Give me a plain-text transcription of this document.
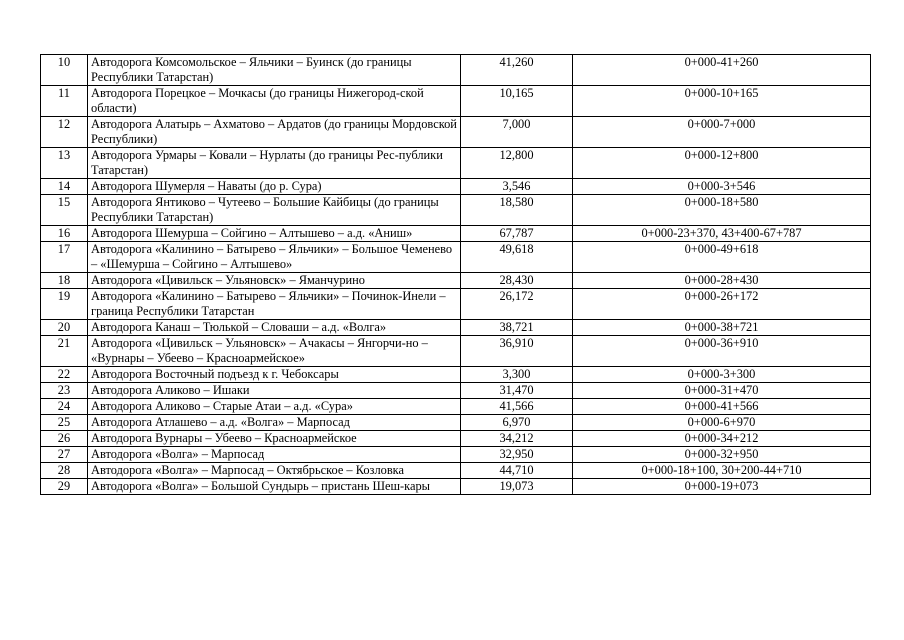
10	Автодорога Комсомольское – Яльчики – Буинск (до границы Республики Татарстан)	41,260	0+000-41+260
11	Автодорога Порецкое – Мочкасы (до границы Нижегород-ской области)	10,165	0+000-10+165
12	Автодорога Алатырь – Ахматово – Ардатов (до границы Мордовской Республики)	7,000	0+000-7+000
13	Автодорога Урмары – Ковали – Нурлаты (до границы Рес-публики Татарстан)	12,800	0+000-12+800
14	Автодорога Шумерля – Наваты (до р. Сура)	3,546	0+000-3+546
15	Автодорога Янтиково – Чутеево – Большие Кайбицы (до границы Республики Татарстан)	18,580	0+000-18+580
16	Автодорога Шемурша – Сойгино – Алтышево – а.д. «Аниш»	67,787	0+000-23+370, 43+400-67+787
17	Автодорога «Калинино – Батырево – Яльчики» – Большое Чеменево – «Шемурша – Сойгино – Алтышево»	49,618	0+000-49+618
18	Автодорога «Цивильск – Ульяновск» – Яманчурино	28,430	0+000-28+430
19	Автодорога «Калинино – Батырево – Яльчики» – Починок-Инели – граница Республики Татарстан	26,172	0+000-26+172
20	Автодорога Канаш – Тюлькой – Словаши – а.д. «Волга»	38,721	0+000-38+721
21	Автодорога «Цивильск – Ульяновск» – Ачакасы – Янгорчи-но – «Вурнары – Убеево – Красноармейское»	36,910	0+000-36+910
22	Автодорога Восточный подъезд к г. Чебоксары	3,300	0+000-3+300
23	Автодорога Аликово – Ишаки	31,470	0+000-31+470
24	Автодорога Аликово – Старые Атаи – а.д. «Сура»	41,566	0+000-41+566
25	Автодорога Атлашево – а.д. «Волга» – Марпосад	6,970	0+000-6+970
26	Автодорога Вурнары – Убеево – Красноармейское	34,212	0+000-34+212
27	Автодорога «Волга» – Марпосад	32,950	0+000-32+950
28	Автодорога «Волга» – Марпосад – Октябрьское – Козловка	44,710	0+000-18+100, 30+200-44+710
29	Автодорога «Волга» – Большой Сундырь – пристань Шеш-кары	19,073	0+000-19+073
